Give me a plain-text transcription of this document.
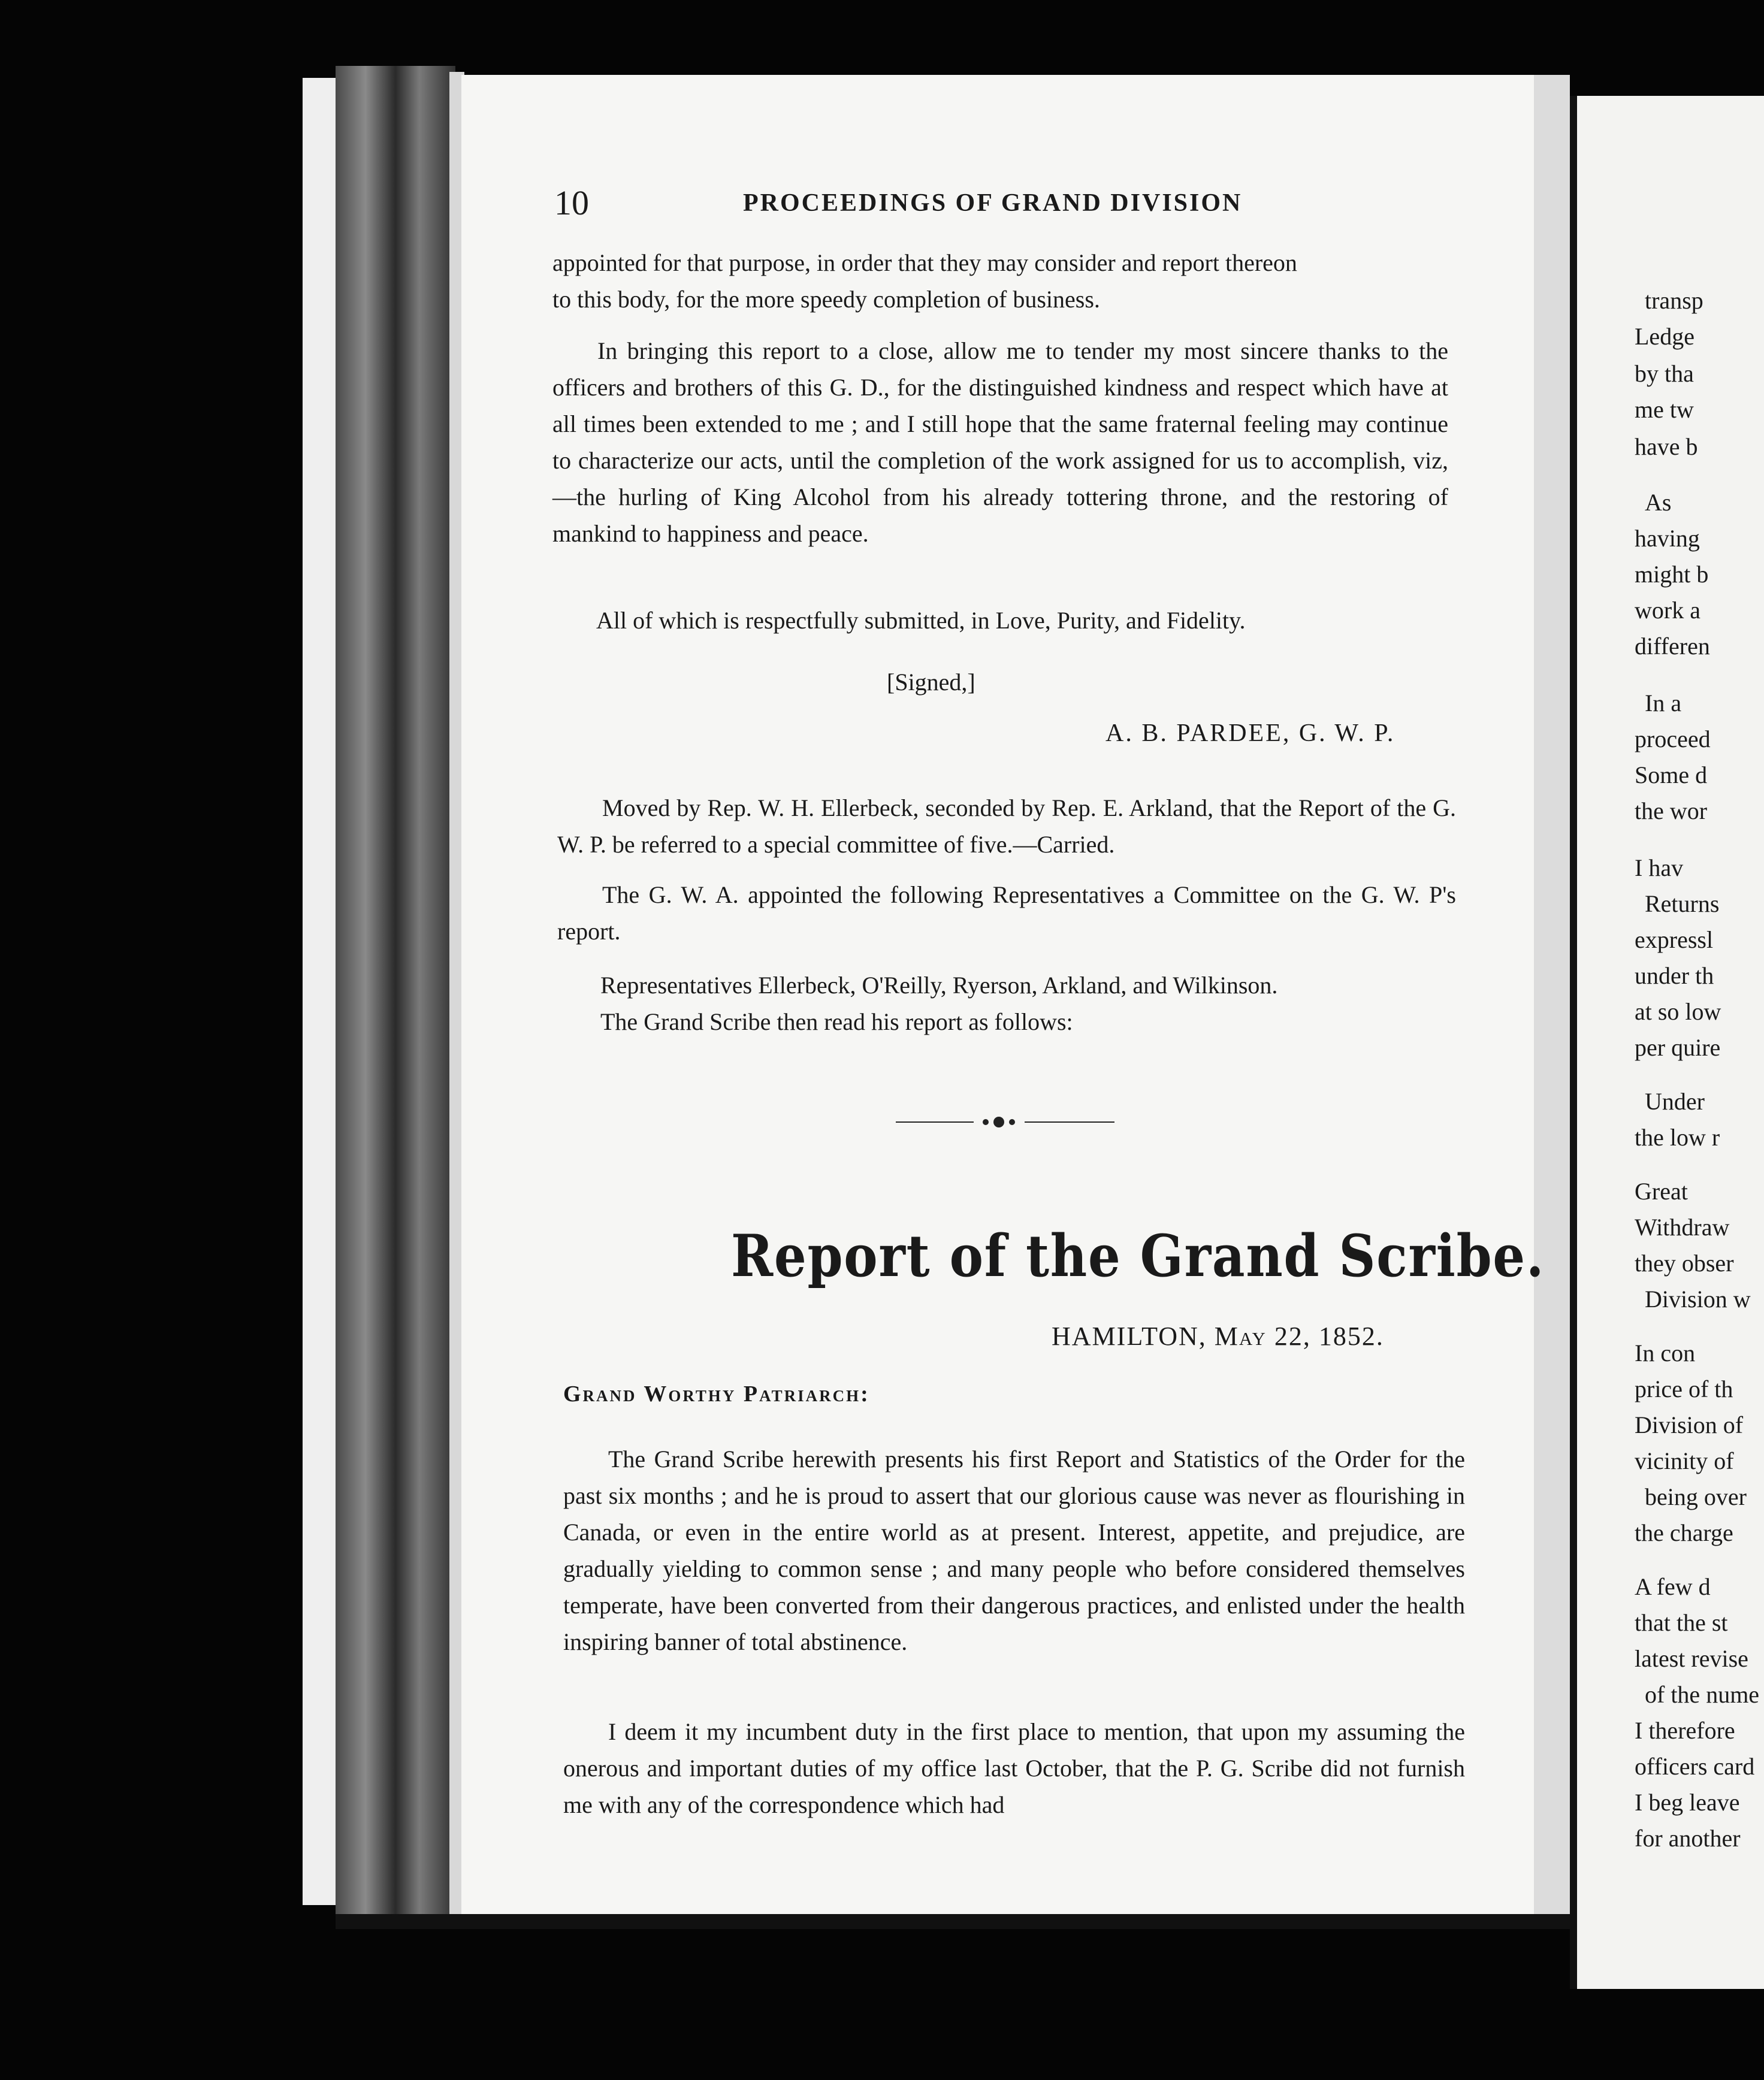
10	PROCEEDINGS OF GRAND DIVISION

appointed for that purpose, in order that they may consider and report thereon

to this body, for the more speedy completion of business.

In bringing this report to a close, allow me to tender my most sincere thanks to the officers and brothers of this G. D., for the distinguished kindness and respect which have at all times been extended to me ; and I still hope that the same fraternal feeling may continue to characterize our acts, until the completion of the work assigned for us to accomplish, viz,—the hurling of King Alcohol from his already tottering throne, and the restoring of mankind to happiness and peace.

All of which is respectfully submitted, in Love, Purity, and Fidelity.
[Signed,]
A. B. PARDEE, G. W. P.

Moved by Rep. W. H. Ellerbeck, seconded by Rep. E. Arkland, that the Report of the G. W. P. be referred to a special committee of five.—Carried.

The G. W. A. appointed the following Representatives a Committee on the G. W. P's report.

Representatives Ellerbeck, O'Reilly, Ryerson, Arkland, and Wilkinson.

The Grand Scribe then read his report as follows:

Report of the Grand Scribe.
HAMILTON, May 22, 1852.
Grand Worthy Patriarch:

The Grand Scribe herewith presents his first Report and Statistics of the Order for the past six months ; and he is proud to assert that our glorious cause was never as flourishing in Canada, or even in the entire world as at present. Interest, appetite, and prejudice, are gradually yielding to common sense ; and many people who before considered themselves temperate, have been converted from their dangerous practices, and enlisted under the health inspiring banner of total abstinence.

I deem it my incumbent duty in the first place to mention, that upon my assuming the onerous and important duties of my office last October, that the P. G. Scribe did not furnish me with any of the correspondence which had

transp
Ledge
by tha
me tw
have b
As
having
might b
work a
differen
In a
proceed
Some d
the wor
I hav
Returns
expressl
under th
at so low
per quire
Under
the low r
Great
Withdraw
they obser
Division w
In con
price of th
Division of
vicinity of
being over
the charge
A few d
that the st
latest revise
of the nume
I therefore
officers card
I beg leave
for another
